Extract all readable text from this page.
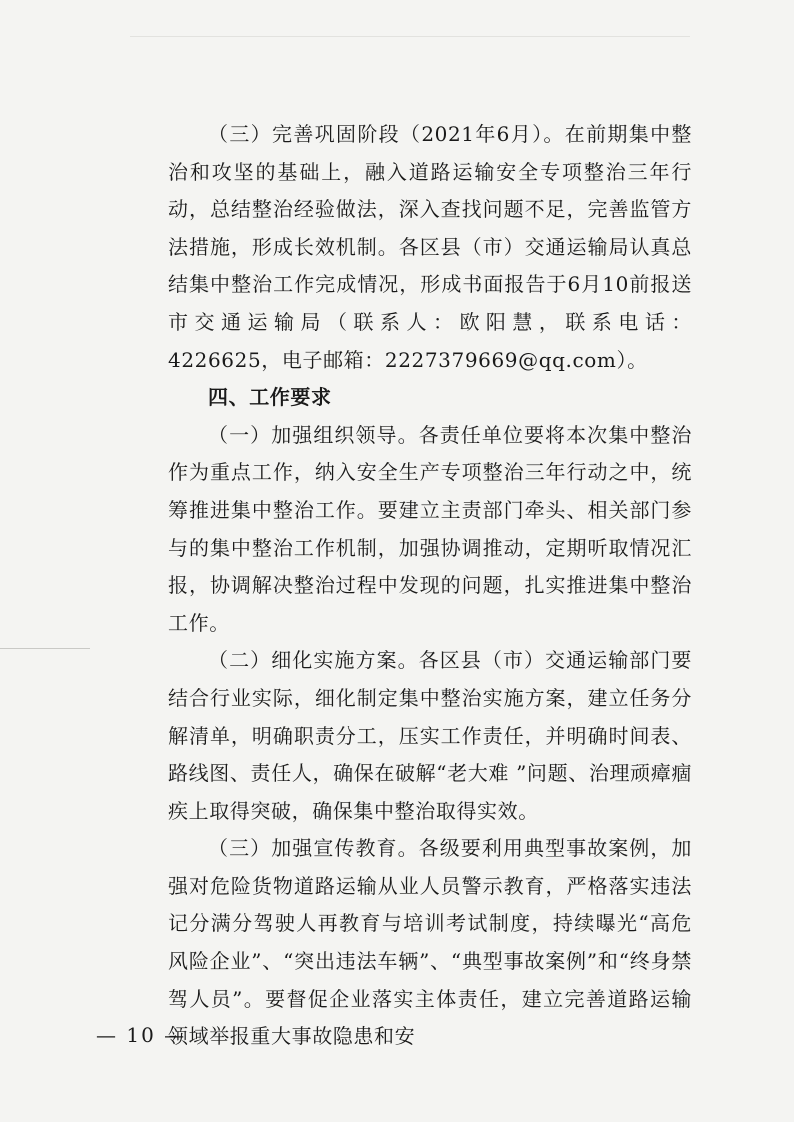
（三）完善巩固阶段（2021年6月）。在前期集中整治和攻坚的基础上，融入道路运输安全专项整治三年行动，总结整治经验做法，深入查找问题不足，完善监管方法措施，形成长效机制。各区县（市）交通运输局认真总结集中整治工作完成情况，形成书面报告于6月10前报送市交通运输局（联系人：欧阳慧，联系电话：4226625，电子邮箱：2227379669@qq.com）。

四、工作要求

（一）加强组织领导。各责任单位要将本次集中整治作为重点工作，纳入安全生产专项整治三年行动之中，统筹推进集中整治工作。要建立主责部门牵头、相关部门参与的集中整治工作机制，加强协调推动，定期听取情况汇报，协调解决整治过程中发现的问题，扎实推进集中整治工作。

（二）细化实施方案。各区县（市）交通运输部门要结合行业实际，细化制定集中整治实施方案，建立任务分解清单，明确职责分工，压实工作责任，并明确时间表、路线图、责任人，确保在破解“老大难 ”问题、治理顽瘴痼疾上取得突破，确保集中整治取得实效。

（三）加强宣传教育。各级要利用典型事故案例，加强对危险货物道路运输从业人员警示教育，严格落实违法记分满分驾驶人再教育与培训考试制度，持续曝光“高危风险企业”、“突出违法车辆”、“典型事故案例”和“终身禁驾人员”。要督促企业落实主体责任，建立完善道路运输领域举报重大事故隐患和安

— 10 —
